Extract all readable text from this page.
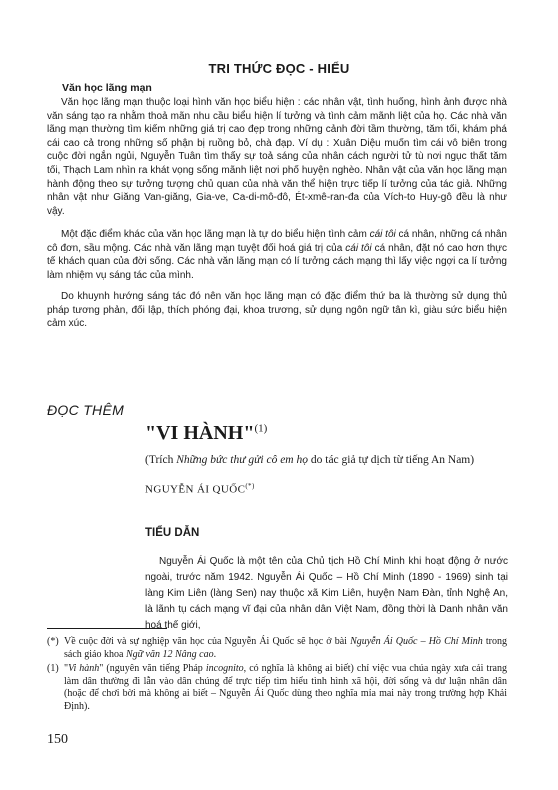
TRI THỨC ĐỌC - HIỂU
Văn học lãng mạn

Văn học lãng mạn thuộc loại hình văn học biểu hiện : các nhân vật, tình huống, hình ảnh được nhà văn sáng tạo ra nhằm thoả mãn nhu cầu biểu hiện lí tưởng và tình cảm mãnh liệt của họ. Các nhà văn lãng mạn thường tìm kiếm những giá trị cao đẹp trong những cảnh đời tầm thường, tăm tối, khám phá cái cao cả trong những số phận bị ruồng bỏ, chà đạp. Ví dụ : Xuân Diệu muốn tìm cái vô biên trong cuộc đời ngắn ngủi, Nguyễn Tuân tìm thấy sự toả sáng của nhân cách người tử tù nơi ngục thất tăm tối, Thạch Lam nhìn ra khát vọng sống mãnh liệt nơi phố huyện nghèo. Nhân vật của văn học lãng mạn hành động theo sự tưởng tượng chủ quan của nhà văn thể hiện trực tiếp lí tưởng của tác giả. Những nhân vật như Giăng Van-giăng, Gia-ve, Ca-di-mô-đô, Ét-xmê-ran-đa của Vích-to Huy-gô đều là như vậy.

Một đặc điểm khác của văn học lãng mạn là tự do biểu hiện tình cảm cái tôi cá nhân, những cá nhân cô đơn, sầu mộng. Các nhà văn lãng mạn tuyệt đối hoá giá trị của cái tôi cá nhân, đặt nó cao hơn thực tế khách quan của đời sống. Các nhà văn lãng mạn có lí tưởng cách mạng thì lấy việc ngợi ca lí tưởng làm nhiệm vụ sáng tác của mình.

Do khuynh hướng sáng tác đó nên văn học lãng mạn có đặc điểm thứ ba là thường sử dụng thủ pháp tương phản, đối lập, thích phóng đại, khoa trương, sử dụng ngôn ngữ tân kì, giàu sức biểu hiện cảm xúc.

ĐỌC THÊM
"VI HÀNH"$^{(1)}$
(Trích Những bức thư gửi cô em họ do tác giả tự dịch từ tiếng An Nam)
NGUYỄN ÁI QUỐC(*)
TIỂU DẪN

Nguyễn Ái Quốc là một tên của Chủ tịch Hồ Chí Minh khi hoạt động ở nước ngoài, trước năm 1942. Nguyễn Ái Quốc – Hồ Chí Minh (1890 - 1969) sinh tại làng Kim Liên (làng Sen) nay thuộc xã Kim Liên, huyện Nam Đàn, tỉnh Nghệ An, là lãnh tụ cách mạng vĩ đại của nhân dân Việt Nam, đồng thời là Danh nhân văn hoá thế giới,

(*) Về cuộc đời và sự nghiệp văn học của Nguyễn Ái Quốc sẽ học ở bài Nguyễn Ái Quốc – Hồ Chí Minh trong sách giáo khoa Ngữ văn 12 Nâng cao.
(1) "Vi hành" (nguyên văn tiếng Pháp incognito, có nghĩa là không ai biết) chỉ việc vua chúa ngày xưa cải trang làm dân thường đi lẫn vào dân chúng để trực tiếp tìm hiểu tình hình xã hội, đời sống và dư luận nhân dân (hoặc để chơi bời mà không ai biết – Nguyễn Ái Quốc dùng theo nghĩa mỉa mai này trong trường hợp Khải Định).
150
